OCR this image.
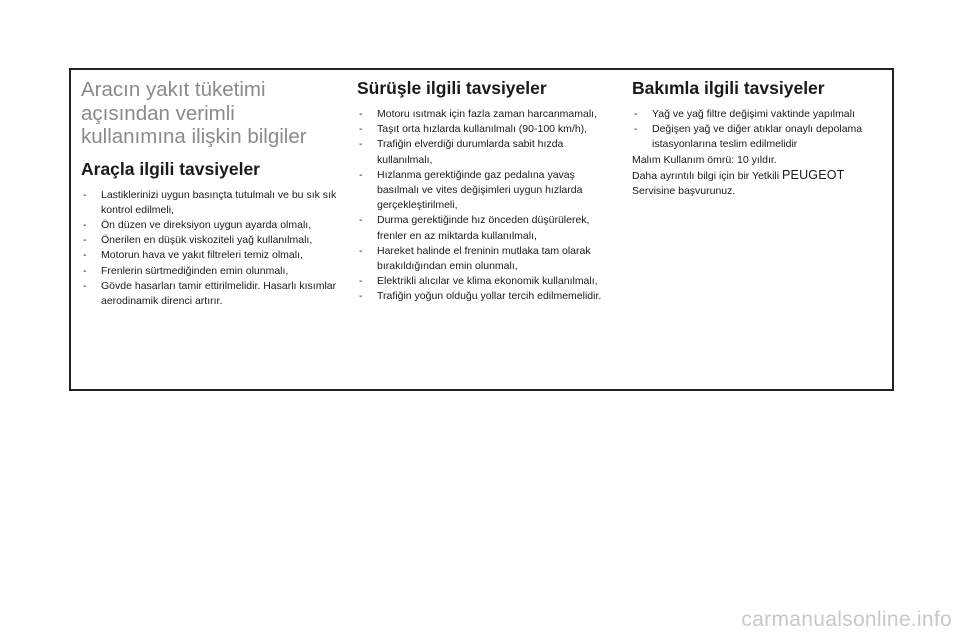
Aracın yakıt tüketimi
açısından verimli
kullanımına ilişkin bilgiler
Araçla ilgili tavsiyeler
- Lastiklerinizi uygun basınçta tutulmalı ve bu sık sık kontrol edilmeli,
- Ön düzen ve direksiyon uygun ayarda olmalı,
- Önerilen en düşük viskoziteli yağ kullanılmalı,
- Motorun hava ve yakıt filtreleri temiz olmalı,
- Frenlerin sürtmediğinden emin olunmalı,
- Gövde hasarları tamir ettirilmelidir. Hasarlı kısımlar aerodinamik direnci artırır.
Sürüşle ilgili tavsiyeler
- Motoru ısıtmak için fazla zaman harcanmamalı,
- Taşıt orta hızlarda kullanılmalı (90-100 km/h),
- Trafiğin elverdiği durumlarda sabit hızda kullanılmalı,
- Hızlanma gerektiğinde gaz pedalına yavaş basılmalı ve vites değişimleri uygun hızlarda gerçekleştirilmeli,
- Durma gerektiğinde hız önceden düşürülerek, frenler en az miktarda kullanılmalı,
- Hareket halinde el freninin mutlaka tam olarak bırakıldığından emin olunmalı,
- Elektrikli alıcılar ve klima ekonomik kullanılmalı,
- Trafiğin yoğun olduğu yollar tercih edilmemelidir.
Bakımla ilgili tavsiyeler
- Yağ ve yağ filtre değişimi vaktinde yapılmalı
- Değişen yağ ve diğer atıklar onaylı depolama istasyonlarına teslim edilmelidir

Malım Kullanım ömrü: 10 yıldır.

Daha ayrıntılı bilgi için bir Yetkili PEUGEOT
Servisine başvurunuz.

carmanualsonline.info
